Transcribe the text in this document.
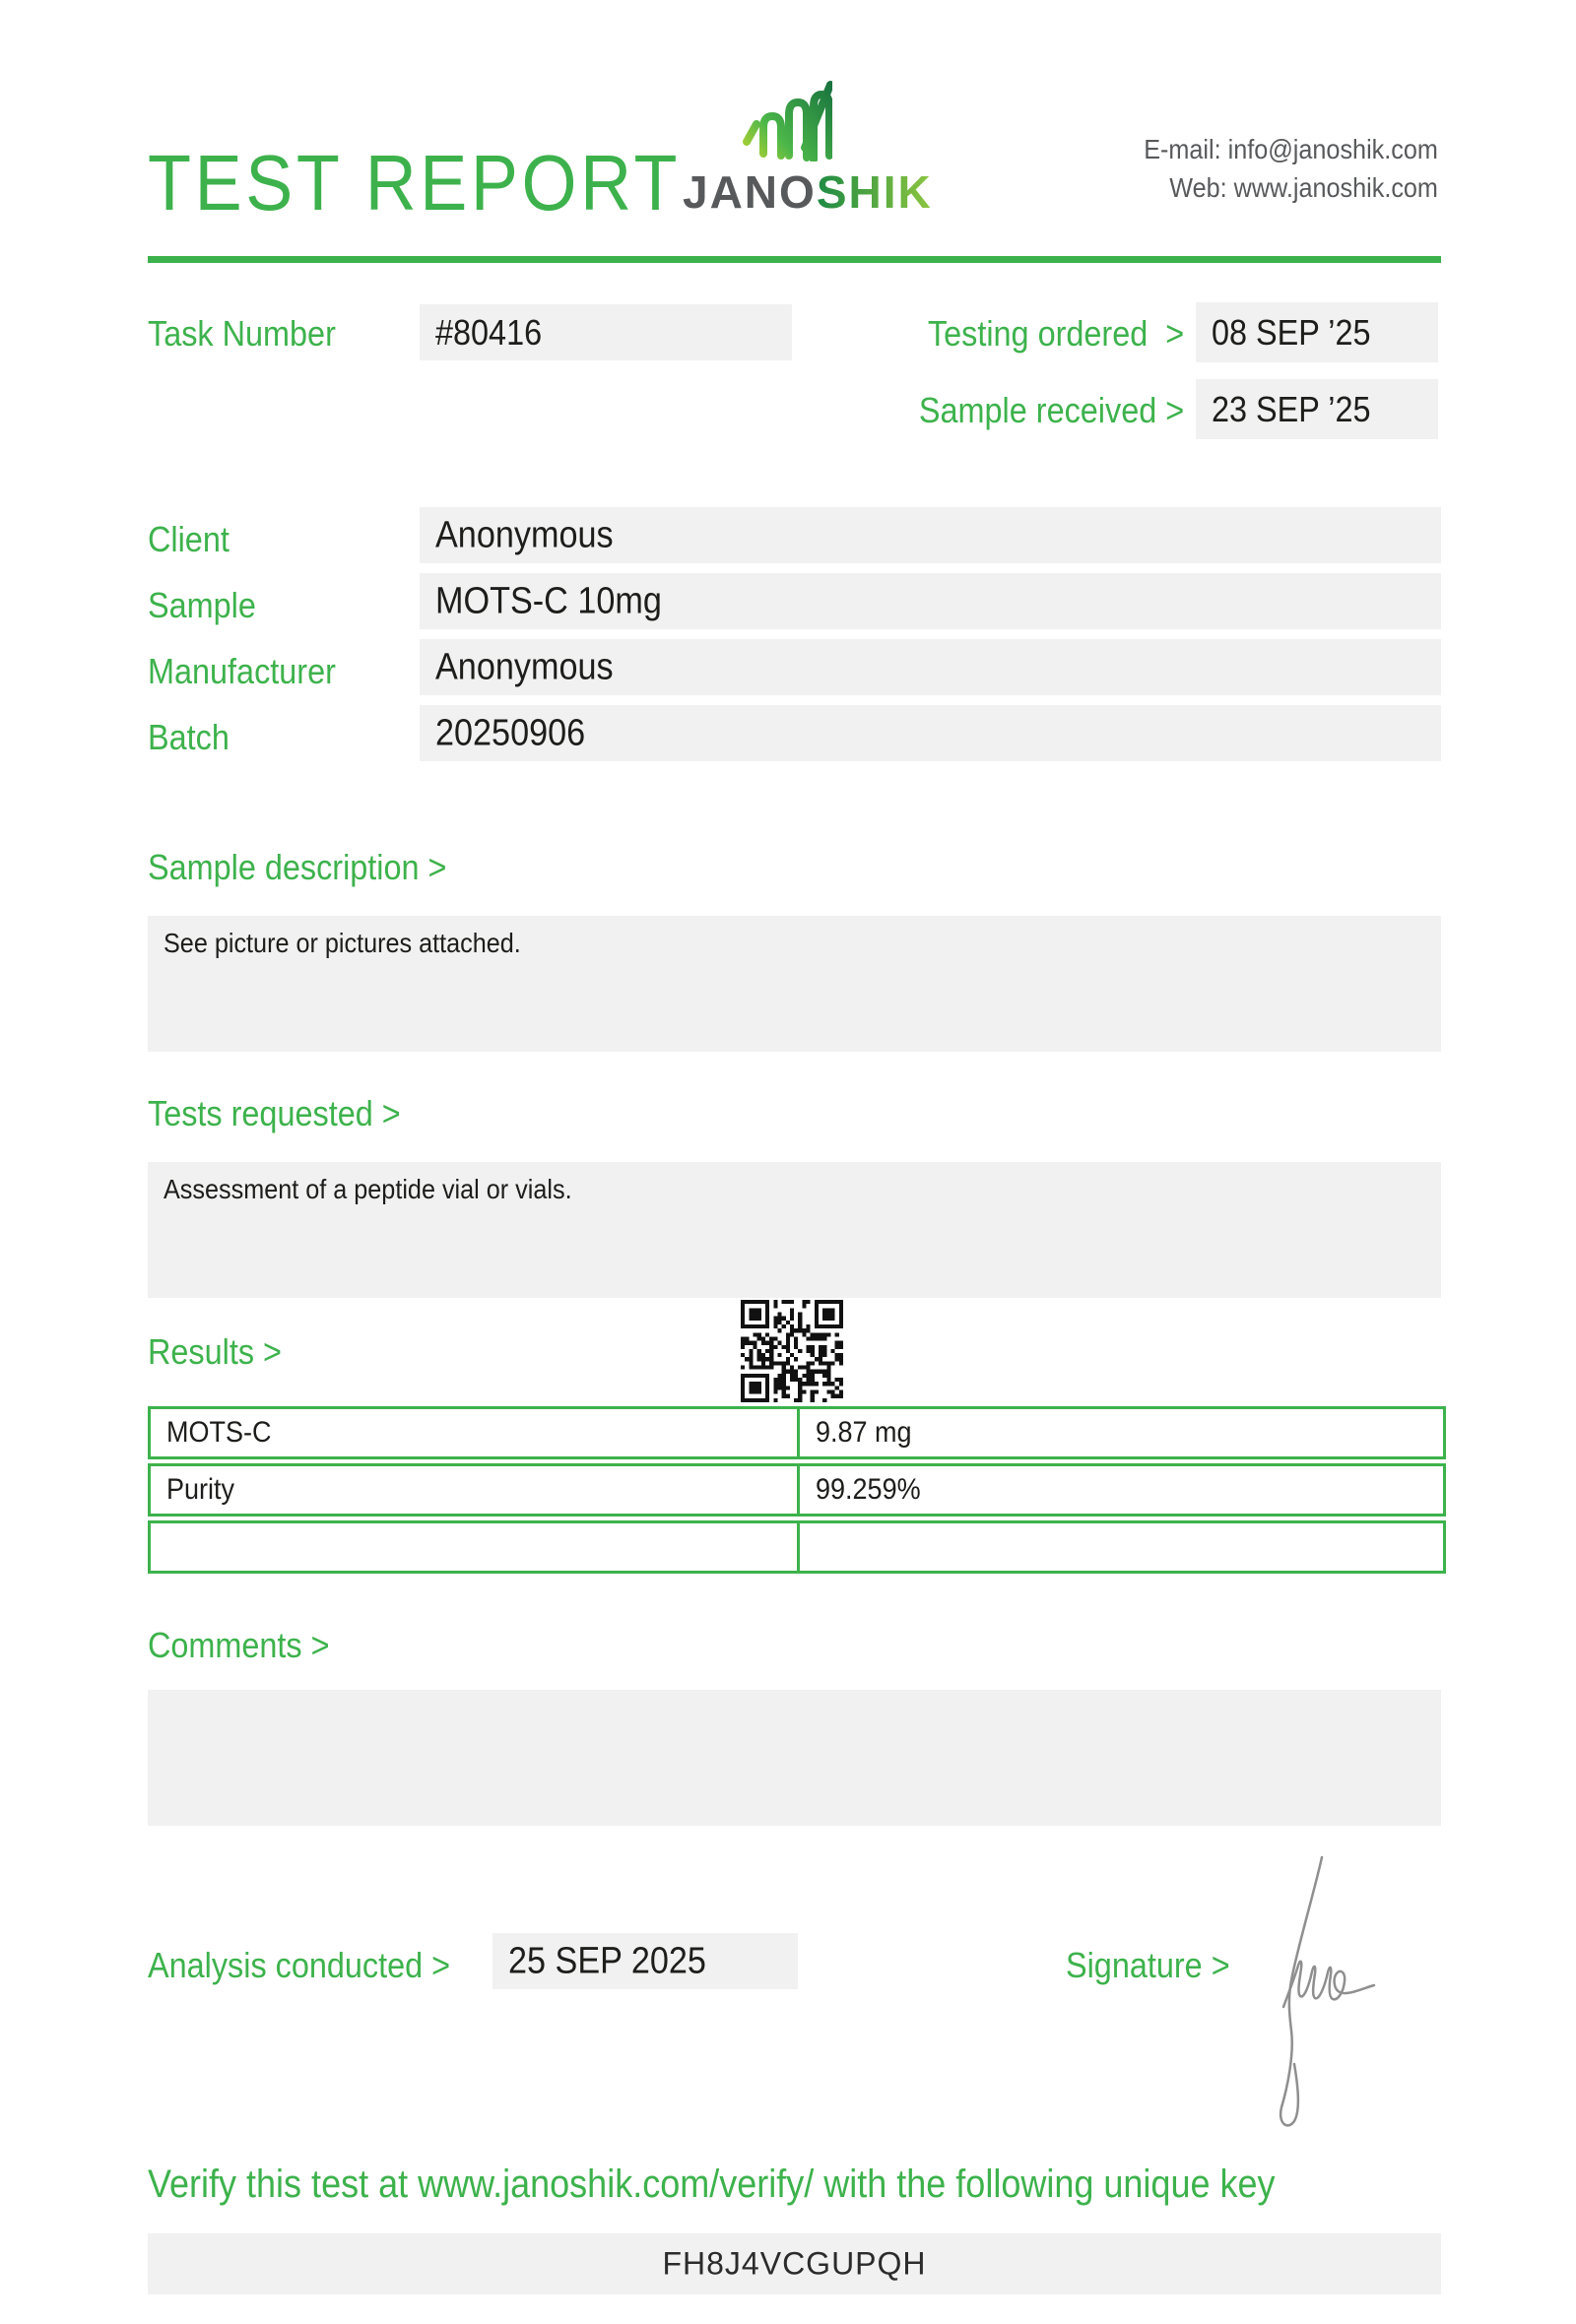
TEST REPORT JANOSHIK
E-mail: info@janoshik.com
Web: www.janoshik.com
Task Number	#80416	Testing ordered  > 08 SEP ’25
Sample received > 23 SEP ’25
Client	Anonymous
Sample	MOTS-C 10mg
Manufacturer	Anonymous
Batch	20250906
Sample description >
See picture or pictures attached.
Tests requested >
Assessment of a peptide vial or vials.
Results >
MOTS-C	9.87 mg
Purity	99.259%
Comments >
Analysis conducted >	25 SEP 2025	Signature >
Verify this test at www.janoshik.com/verify/ with the following unique key
FH8J4VCGUPQH
